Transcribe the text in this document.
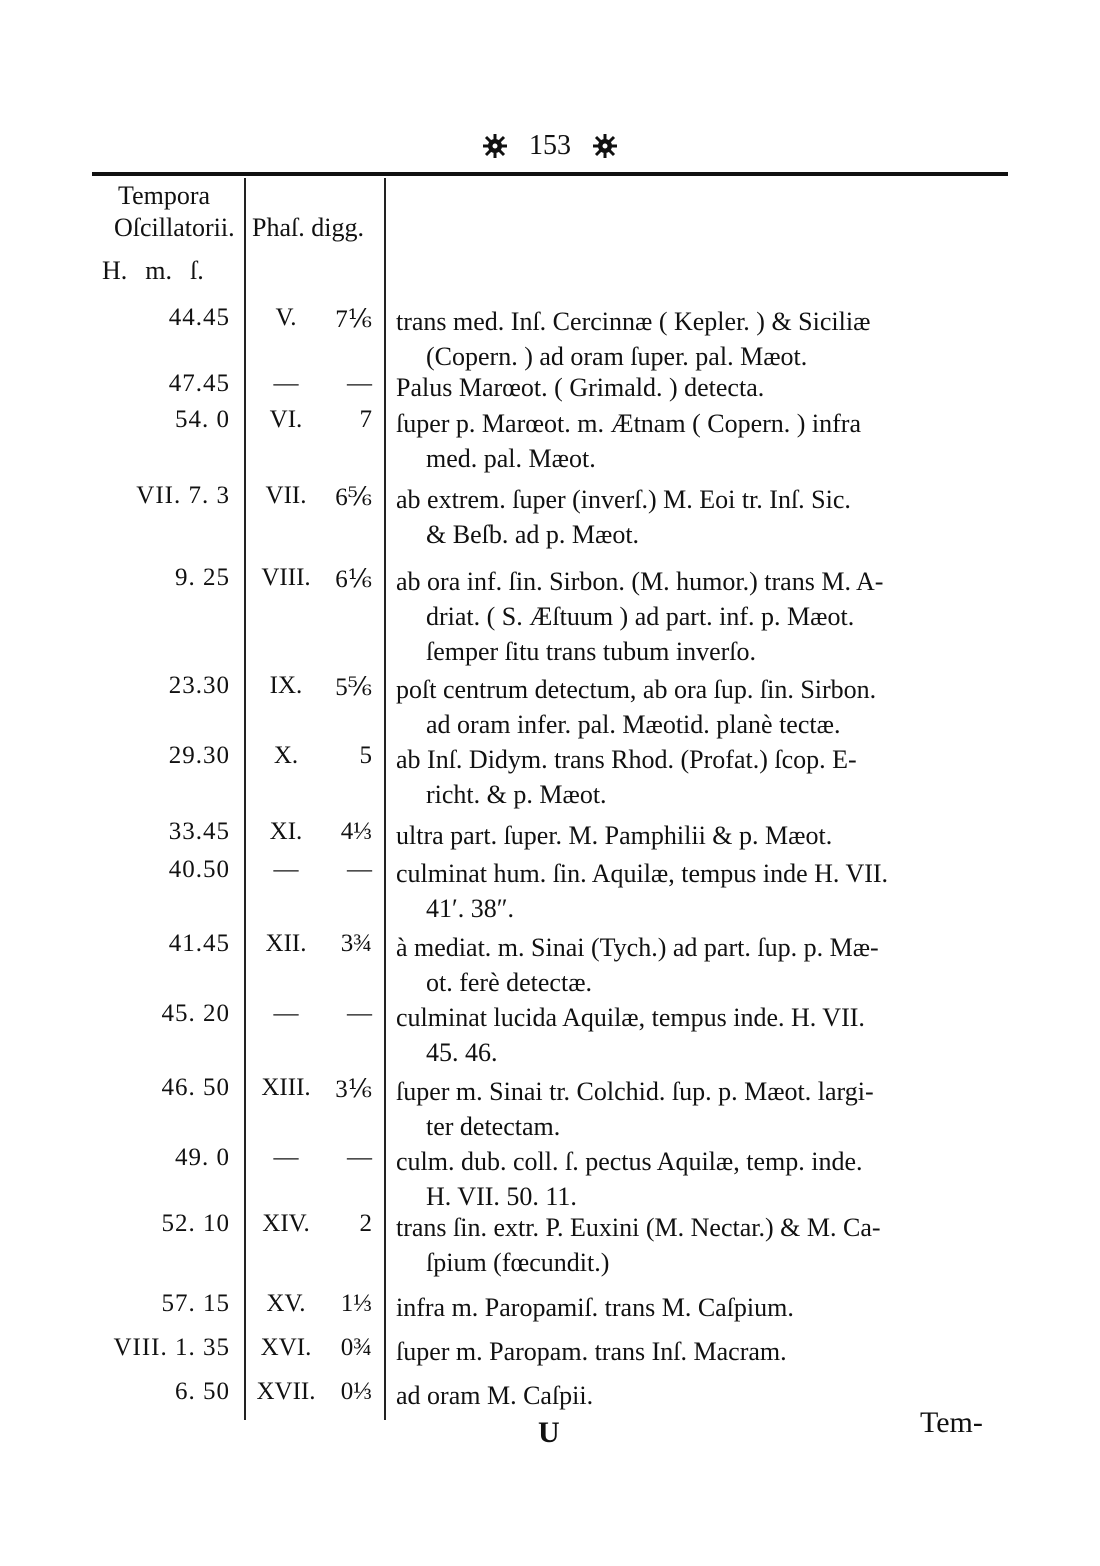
153
Tempora
Oſcillatorii. Phaſ. digg.
H. m. ſ.
44.45	V.	7⅙ trans med. Inſ. Cercinnæ ( Kepler. ) & Siciliæ
(Copern. ) ad oram ſuper. pal. Mæot.
47.45	—	— Palus Marœot. ( Grimald. ) detecta.
54. 0	VI.	7 ſuper p. Marœot. m. Ætnam ( Copern. ) infra
med. pal. Mæot.
VII. 7. 3	VII.	6⅚ ab extrem. ſuper (inverſ.) M. Eoi tr. Inſ. Sic.
& Beſb. ad p. Mæot.
9. 25	VIII. 6⅙ ab ora inf. ſin. Sirbon. (M. humor.) trans M. A-
driat. ( S. Æſtuum ) ad part. inf. p. Mæot.
ſemper ſitu trans tubum inverſo.
23.30	IX.	5⅚ poſt centrum detectum, ab ora ſup. ſin. Sirbon.
ad oram infer. pal. Mæotid. planè tectæ.
29.30	X.	5 ab Inſ. Didym. trans Rhod. (Profat.) ſcop. E-
richt. & p. Mæot.
33.45	XI.	4⅓ ultra part. ſuper. M. Pamphilii & p. Mæot.
40.50	—	— culminat hum. ſin. Aquilæ, tempus inde H. VII.
41′. 38″.
41.45	XII.	3¾ à mediat. m. Sinai (Tych.) ad part. ſup. p. Mæ-
ot. ferè detectæ.
45. 20	—	— culminat lucida Aquilæ, tempus inde. H. VII.
45. 46.
46. 50	XIII. 3⅙ ſuper m. Sinai tr. Colchid. ſup. p. Mæot. largi-
ter detectam.
49. 0	—	— culm. dub. coll. ſ. pectus Aquilæ, temp. inde.
H. VII. 50. 11.
52. 10	XIV.	2 trans ſin. extr. P. Euxini (M. Nectar.) & M. Ca-
ſpium (fœcundit.)
57. 15	XV.	1⅓ infra m. Paropamiſ. trans M. Caſpium.
VIII. 1. 35	XVI.	0¾ ſuper m. Paropam. trans Inſ. Macram.
6. 50 XVII.	0⅓ ad oram M. Caſpii.
U	Tem-
